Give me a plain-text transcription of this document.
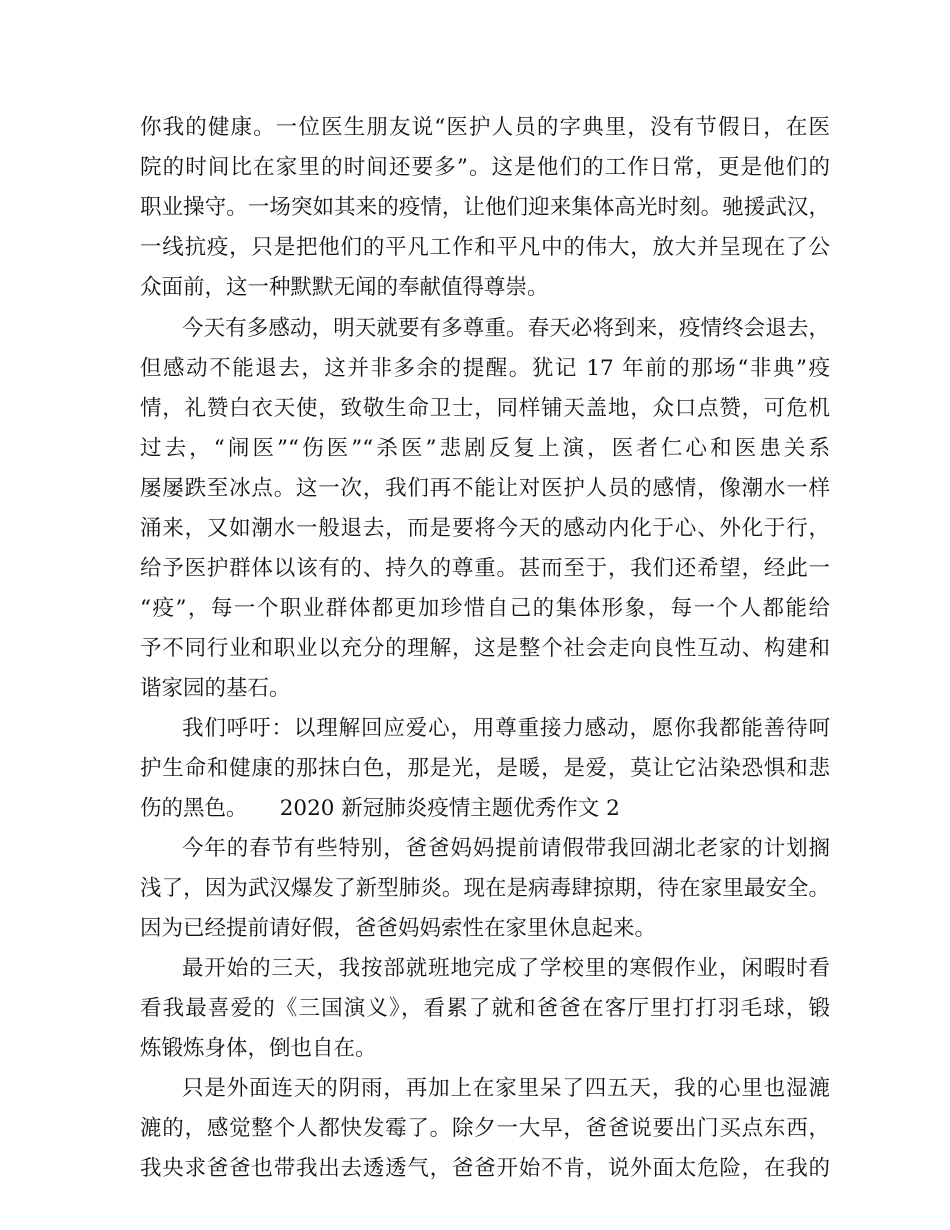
你我的健康。一位医生朋友说“医护人员的字典里，没有节假日，在医
院的时间比在家里的时间还要多”。这是他们的工作日常，更是他们的
职业操守。一场突如其来的疫情，让他们迎来集体高光时刻。驰援武汉，
一线抗疫，只是把他们的平凡工作和平凡中的伟大，放大并呈现在了公
众面前，这一种默默无闻的奉献值得尊崇。
今天有多感动，明天就要有多尊重。春天必将到来，疫情终会退去，
但感动不能退去，这并非多余的提醒。犹记 17 年前的那场“非典”疫
情，礼赞白衣天使，致敬生命卫士，同样铺天盖地，众口点赞，可危机
过去，“闹医”“伤医”“杀医”悲剧反复上演，医者仁心和医患关系
屡屡跌至冰点。这一次，我们再不能让对医护人员的感情，像潮水一样
涌来，又如潮水一般退去，而是要将今天的感动内化于心、外化于行，
给予医护群体以该有的、持久的尊重。甚而至于，我们还希望，经此一
“疫”，每一个职业群体都更加珍惜自己的集体形象，每一个人都能给
予不同行业和职业以充分的理解，这是整个社会走向良性互动、构建和
谐家园的基石。
我们呼吁：以理解回应爱心，用尊重接力感动，愿你我都能善待呵
护生命和健康的那抹白色，那是光，是暖，是爱，莫让它沾染恐惧和悲
伤的黑色。　　2020 新冠肺炎疫情主题优秀作文 2
今年的春节有些特别，爸爸妈妈提前请假带我回湖北老家的计划搁
浅了，因为武汉爆发了新型肺炎。现在是病毒肆掠期，待在家里最安全。
因为已经提前请好假，爸爸妈妈索性在家里休息起来。
最开始的三天，我按部就班地完成了学校里的寒假作业，闲暇时看
看我最喜爱的《三国演义》，看累了就和爸爸在客厅里打打羽毛球，锻
炼锻炼身体，倒也自在。
只是外面连天的阴雨，再加上在家里呆了四五天，我的心里也湿漉
漉的，感觉整个人都快发霉了。除夕一大早，爸爸说要出门买点东西，
我央求爸爸也带我出去透透气，爸爸开始不肯，说外面太危险，在我的
